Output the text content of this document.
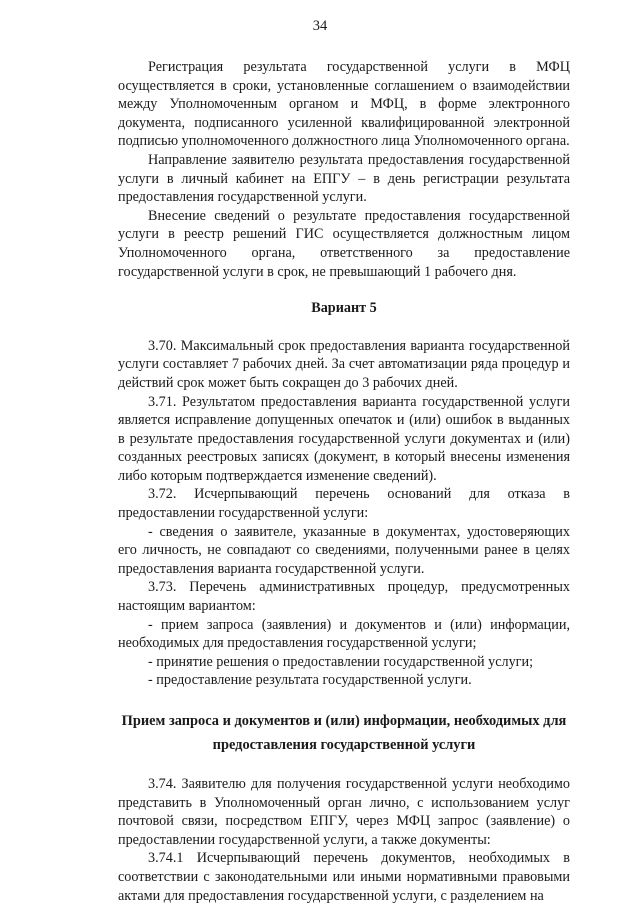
34

Регистрация результата государственной услуги в МФЦ осуществляется в сроки, установленные соглашением о взаимодействии между Уполномоченным органом и МФЦ, в форме электронного документа, подписанного усиленной квалифицированной электронной подписью уполномоченного должностного лица Уполномоченного органа.

Направление заявителю результата предоставления государственной услуги в личный кабинет на ЕПГУ – в день регистрации результата предоставления государственной услуги.

Внесение сведений о результате предоставления государственной услуги в реестр решений ГИС осуществляется должностным лицом Уполномоченного органа, ответственного за предоставление государственной услуги в срок, не превышающий 1 рабочего дня.

Вариант 5

3.70. Максимальный срок предоставления варианта государственной услуги составляет 7 рабочих дней. За счет автоматизации ряда процедур и действий срок может быть сокращен до 3 рабочих дней.

3.71. Результатом предоставления варианта государственной услуги является исправление допущенных опечаток и (или) ошибок в выданных в результате предоставления государственной услуги документах и (или) созданных реестровых записях (документ, в который внесены изменения либо которым подтверждается изменение сведений).

3.72. Исчерпывающий перечень оснований для отказа в предоставлении государственной услуги:

- сведения о заявителе, указанные в документах, удостоверяющих его личность, не совпадают со сведениями, полученными ранее в целях предоставления варианта государственной услуги.

3.73. Перечень административных процедур, предусмотренных настоящим вариантом:

- прием запроса (заявления) и документов и (или) информации, необходимых для предоставления государственной услуги;

- принятие решения о предоставлении государственной услуги;

- предоставление результата государственной услуги.

Прием запроса и документов и (или) информации, необходимых для
предоставления государственной услуги

3.74. Заявителю для получения государственной услуги необходимо представить в Уполномоченный орган лично, с использованием услуг почтовой связи, посредством ЕПГУ, через МФЦ запрос (заявление) о предоставлении государственной услуги, а также документы:

3.74.1 Исчерпывающий перечень документов, необходимых в соответствии с законодательными или иными нормативными правовыми актами для предоставления государственной услуги, с разделением на
